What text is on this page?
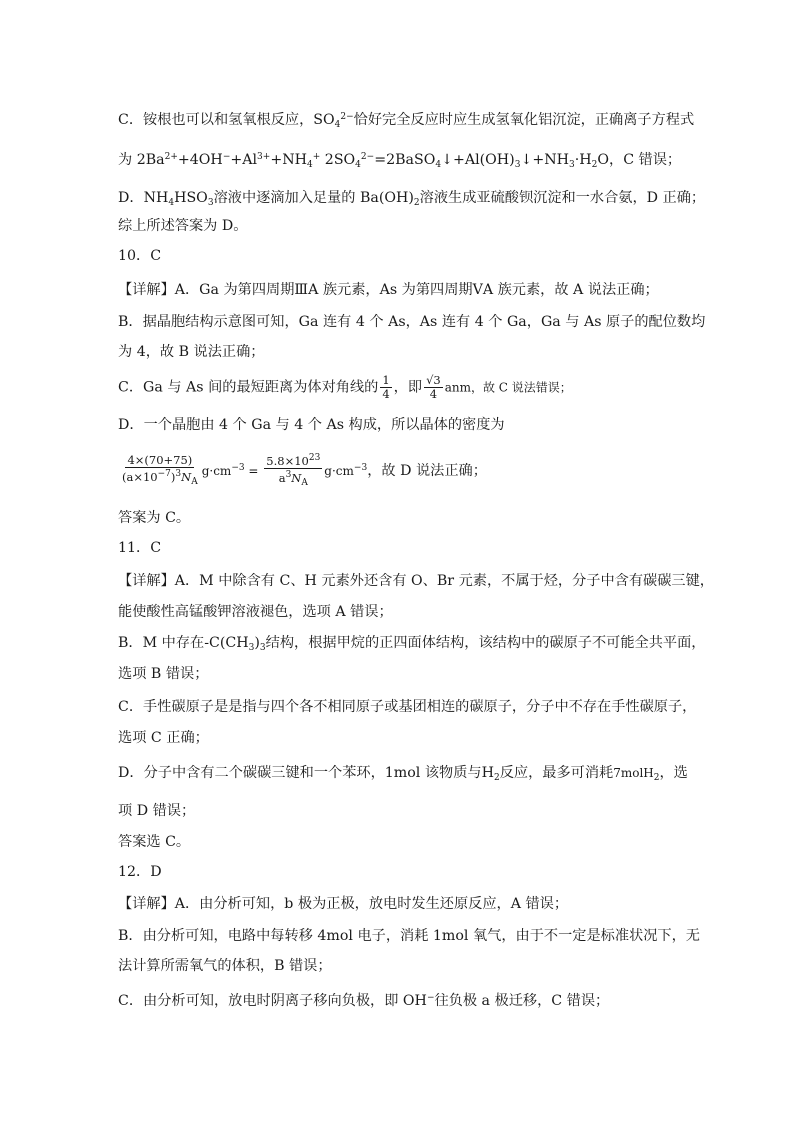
C．铵根也可以和氢氧根反应，$SO_4^{2-}$恰好完全反应时应生成氢氧化铝沉淀，正确离子方程式
为 $2Ba^{2+}+4OH^-+Al^{3+}+NH_4^+$ $2SO_4^{2-}=2BaSO_4↓+Al(OH)_3↓+NH_3\cdot H_2O$，C 错误；
D．$NH_4HSO_3$溶液中逐滴加入足量的 $Ba(OH)_2$溶液生成亚硫酸钡沉淀和一水合氨，D 正确；
综上所述答案为 D。
10．C
【详解】A．Ga 为第四周期ⅢA 族元素，As 为第四周期ⅤA 族元素，故 A 说法正确；
B．据晶胞结构示意图可知，Ga 连有 4 个 As，As 连有 4 个 Ga，Ga 与 As 原子的配位数均
为 4，故 B 说法正确；
C．Ga 与 As 间的最短距离为体对角线的 $\frac{1}{4}$ ，即 $\frac{√3}{4}$ anm，故 C 说法错误；
D．一个晶胞由 4 个 Ga 与 4 个 As 构成，所以晶体的密度为
$\frac{4\times(70+75)}{(a\times 10^{-7})^3N_A} g\cdot cm^{-3} = \frac{5.8\times 10^{23}}{a^3N_A} g\cdot cm^{-3}$，故 D 说法正确；
答案为 C。
11．C
【详解】A．M 中除含有 C、H 元素外还含有 O、Br 元素，不属于烃，分子中含有碳碳三键，
能使酸性高锰酸钾溶液褪色，选项 A 错误；
B．M 中存在$-C(CH_3)_3$结构，根据甲烷的正四面体结构，该结构中的碳原子不可能全共平面，
选项 B 错误；
C．手性碳原子是是指与四个各不相同原子或基团相连的碳原子，分子中不存在手性碳原子，
选项 C 正确；
D．分子中含有二个碳碳三键和一个苯环，1mol 该物质与$H_2$反应，最多可消耗7molH$_2$，选
项 D 错误；
答案选 C。
12．D
【详解】A．由分析可知，b 极为正极，放电时发生还原反应，A 错误；
B．由分析可知，电路中每转移 4mol 电子，消耗 1mol 氧气，由于不一定是标准状况下，无
法计算所需氧气的体积，B 错误；
C．由分析可知，放电时阴离子移向负极，即 OH−往负极 a 极迁移，C 错误；
